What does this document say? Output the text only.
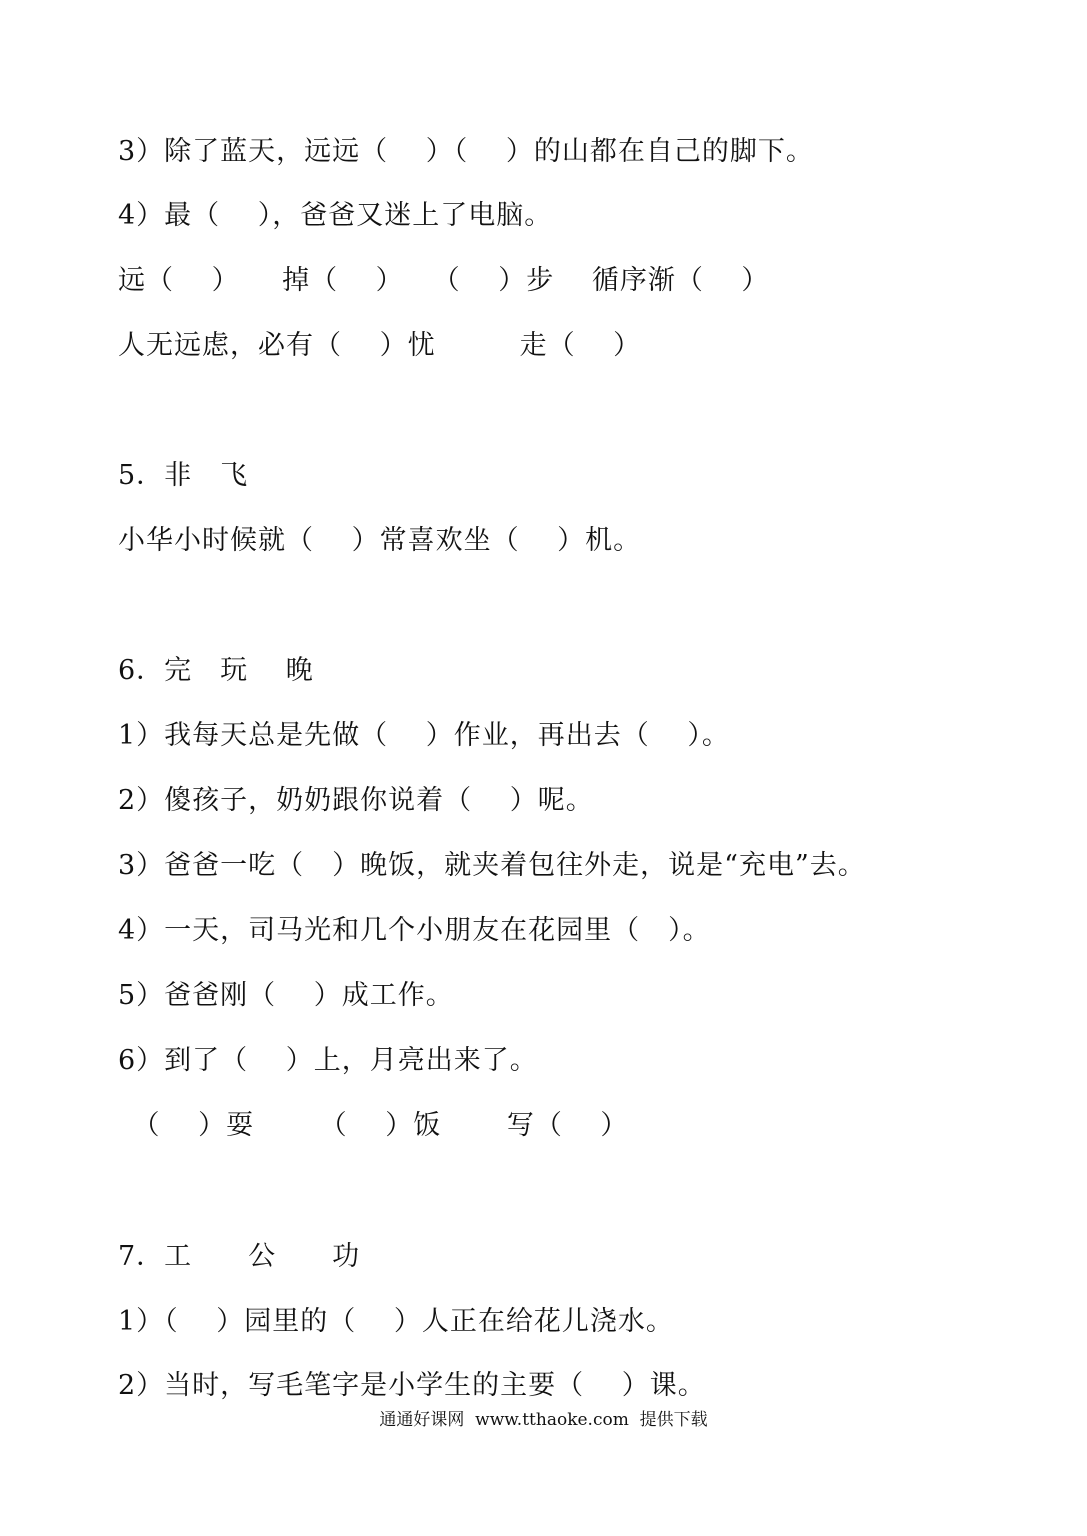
3）除了蓝天，远远（　 ）（　 ）的山都在自己的脚下。
4）最（　 ），爸爸又迷上了电脑。
远（　 ）　　掉（　 ）　　（　 ）步　 循序渐（　 ）
人无远虑，必有（　 ）忧　　　走（　 ）
5．非　飞
小华小时候就（　 ）常喜欢坐（　 ）机。
6．完　玩　 晚
1）我每天总是先做（　 ）作业，再出去（　 ）。
2）傻孩子，奶奶跟你说着（　 ）呢。
3）爸爸一吃（　）晚饭，就夹着包往外走，说是“充电”去。
4）一天，司马光和几个小朋友在花园里（　）。
5）爸爸刚（　 ）成工作。
6）到了（　 ）上，月亮出来了。
　（　 ）耍　　 （　 ）饭　　 写（　 ）
7．工　　公　　功
1）（　 ）园里的（　 ）人正在给花儿浇水。
2）当时，写毛笔字是小学生的主要（　 ）课。
通通好课网  www.tthaoke.com  提供下载
